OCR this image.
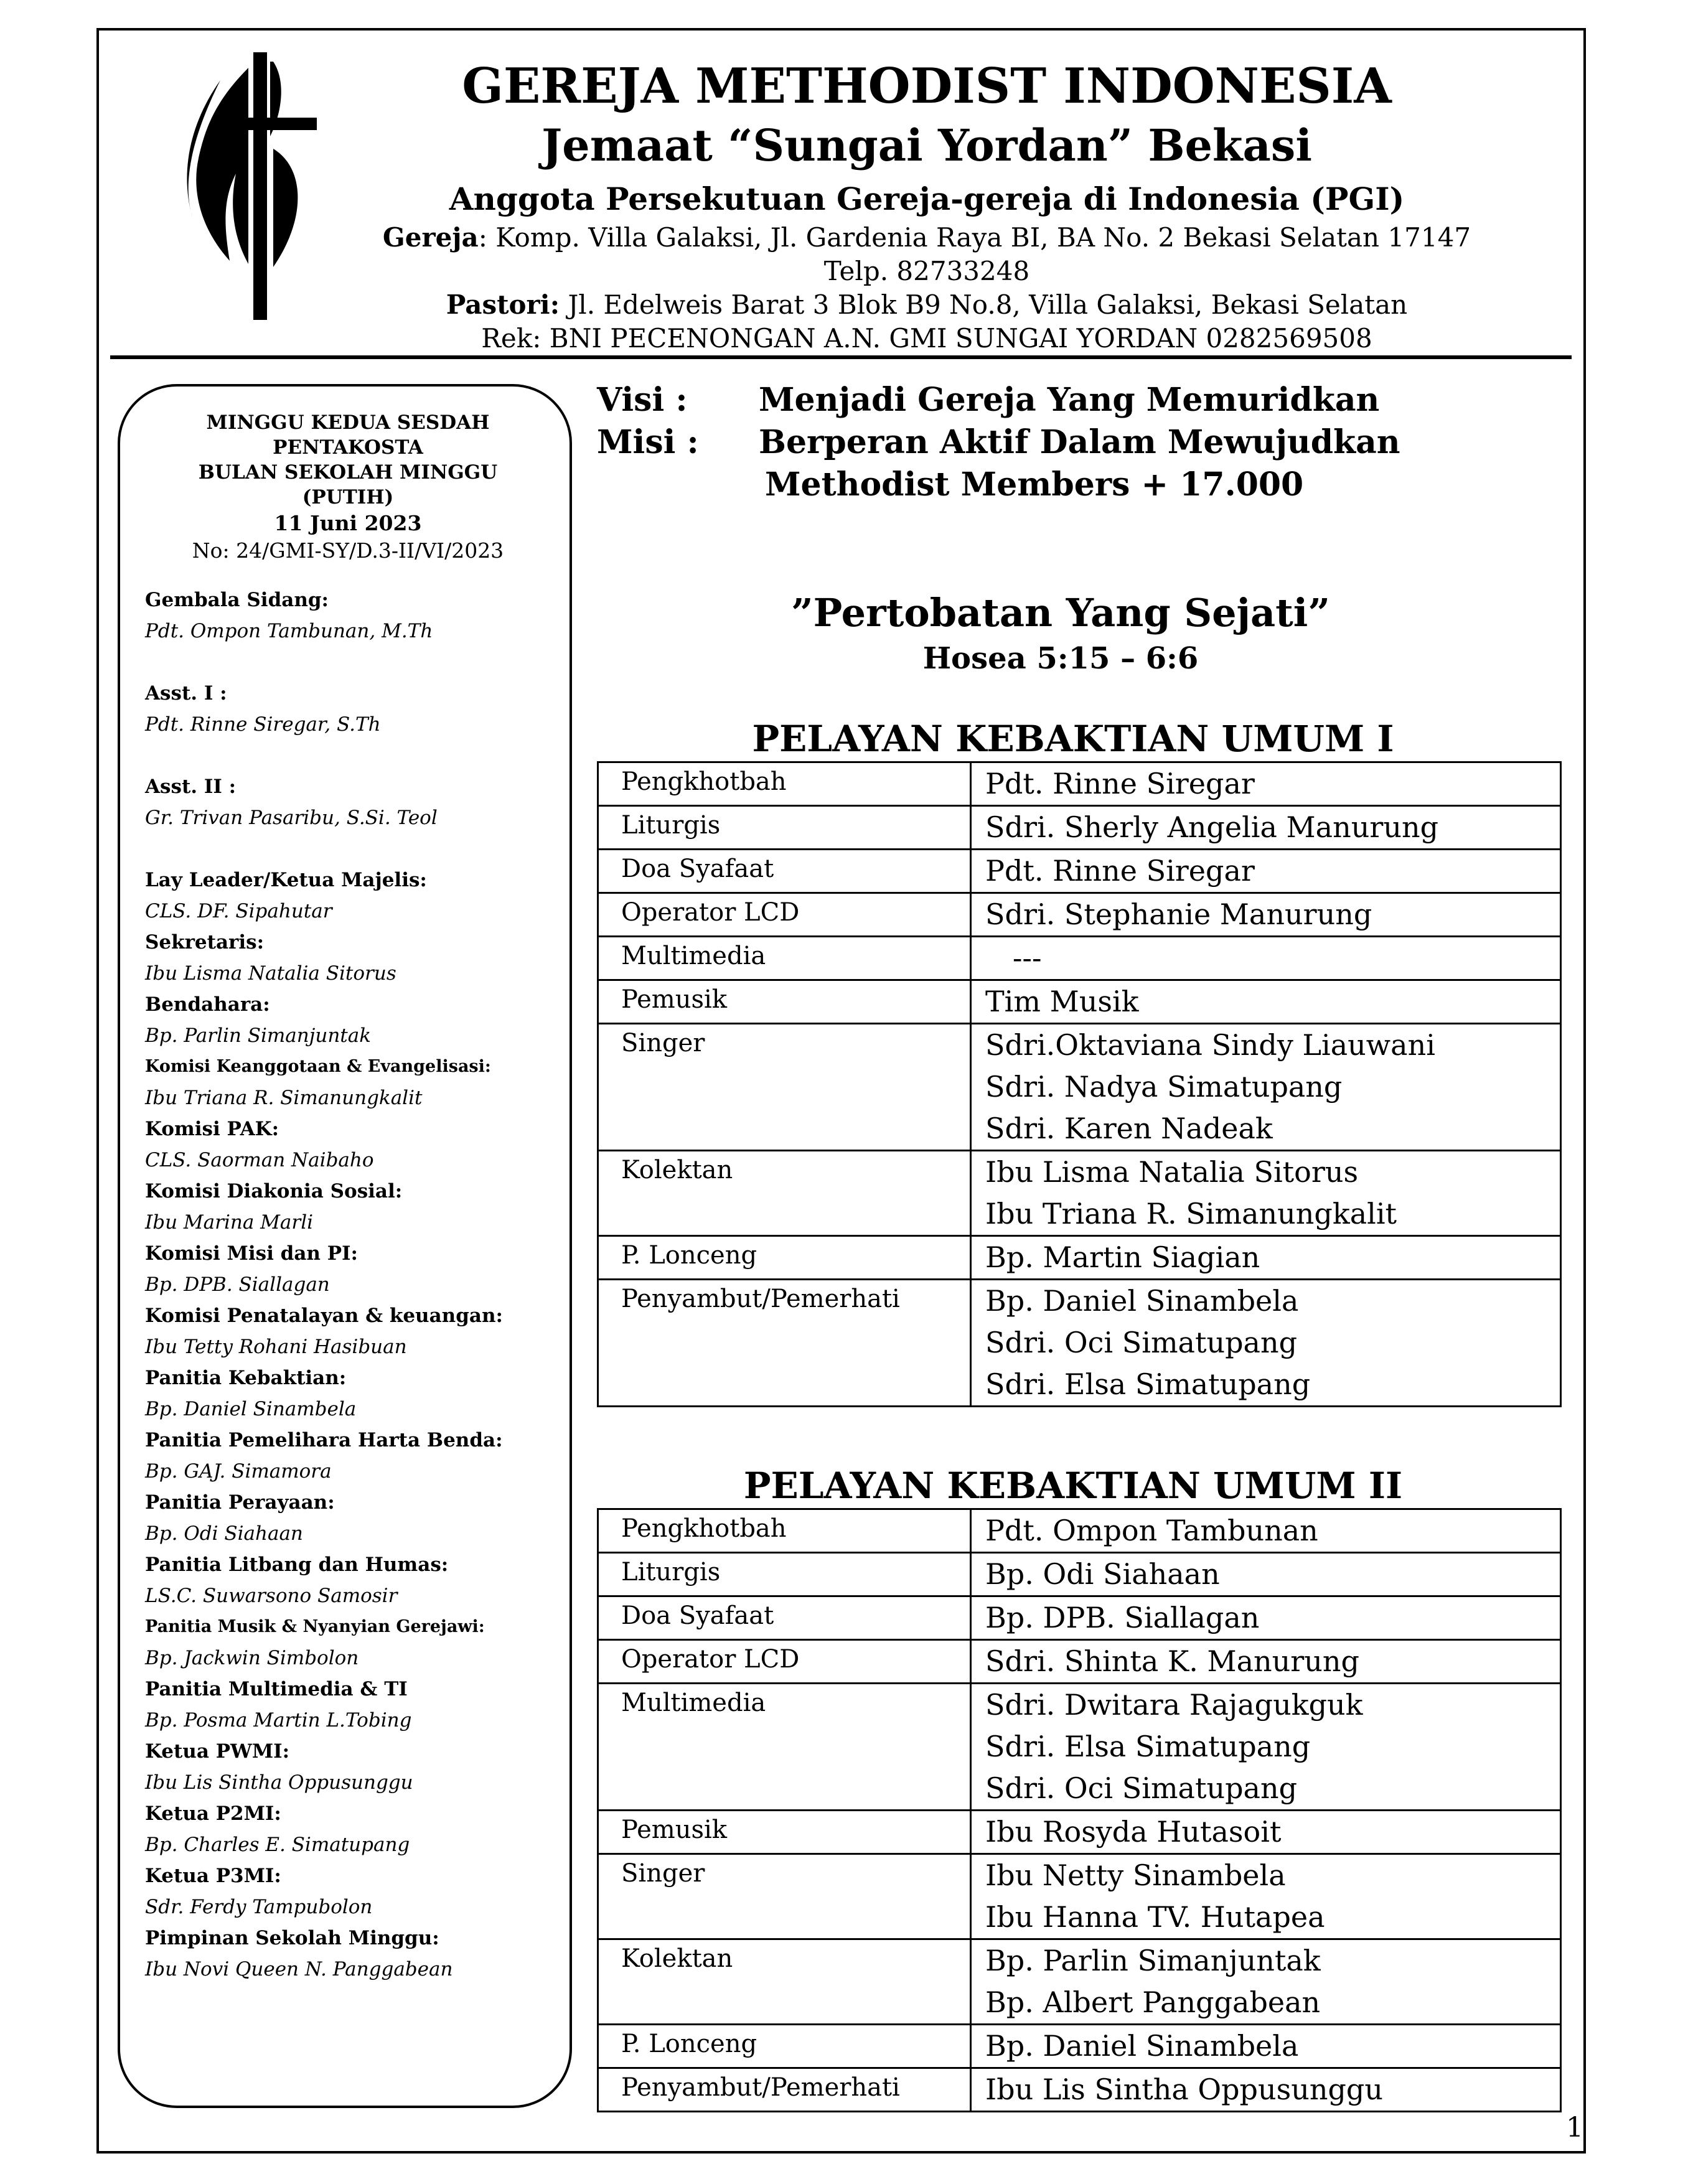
GEREJA METHODIST INDONESIA
Jemaat “Sungai Yordan” Bekasi
Anggota Persekutuan Gereja-gereja di Indonesia (PGI)
Gereja: Komp. Villa Galaksi, Jl. Gardenia Raya BI, BA No. 2 Bekasi Selatan 17147
Telp. 82733248
Pastori: Jl. Edelweis Barat 3 Blok B9 No.8, Villa Galaksi, Bekasi Selatan
Rek: BNI PECENONGAN A.N. GMI SUNGAI YORDAN 0282569508
MINGGU KEDUA SESDAH
PENTAKOSTA
BULAN SEKOLAH MINGGU
(PUTIH)
11 Juni 2023
No: 24/GMI-SY/D.3-II/VI/2023
Gembala Sidang:
Pdt. Ompon Tambunan, M.Th
Asst. I :
Pdt. Rinne Siregar, S.Th
Asst. II :
Gr. Trivan Pasaribu, S.Si. Teol
Lay Leader/Ketua Majelis:
CLS. DF. Sipahutar
Sekretaris:
Ibu Lisma Natalia Sitorus
Bendahara:
Bp. Parlin Simanjuntak
Komisi Keanggotaan & Evangelisasi:
Ibu Triana R. Simanungkalit
Komisi PAK:
CLS. Saorman Naibaho
Komisi Diakonia Sosial:
Ibu Marina Marli
Komisi Misi dan PI:
Bp. DPB. Siallagan
Komisi Penatalayan & keuangan:
Ibu Tetty Rohani Hasibuan
Panitia Kebaktian:
Bp. Daniel Sinambela
Panitia Pemelihara Harta Benda:
Bp. GAJ. Simamora
Panitia Perayaan:
Bp. Odi Siahaan
Panitia Litbang dan Humas:
LS.C. Suwarsono Samosir
Panitia Musik & Nyanyian Gerejawi:
Bp. Jackwin Simbolon
Panitia Multimedia & TI
Bp. Posma Martin L.Tobing
Ketua PWMI:
Ibu Lis Sintha Oppusunggu
Ketua P2MI:
Bp. Charles E. Simatupang
Ketua P3MI:
Sdr. Ferdy Tampubolon
Pimpinan Sekolah Minggu:
Ibu Novi Queen N. Panggabean
Visi :	Menjadi Gereja Yang Memuridkan
Misi :	Berperan Aktif Dalam Mewujudkan
Methodist Members + 17.000
”Pertobatan Yang Sejati”
Hosea 5:15 – 6:6
PELAYAN KEBAKTIAN UMUM I
Pengkhotbah	Pdt. Rinne Siregar

Liturgis	Sdri. Sherly Angelia Manurung

Doa Syafaat	Pdt. Rinne Siregar

Operator LCD	Sdri. Stephanie Manurung

Multimedia	---

Pemusik	Tim Musik

Singer	Sdri.Oktaviana Sindy Liauwani
Sdri. Nadya Simatupang
Sdri. Karen Nadeak

Kolektan	Ibu Lisma Natalia Sitorus
Ibu Triana R. Simanungkalit

P. Lonceng	Bp. Martin Siagian

Penyambut/Pemerhati	Bp. Daniel Sinambela
Sdri. Oci Simatupang
Sdri. Elsa Simatupang
PELAYAN KEBAKTIAN UMUM II
Pengkhotbah	Pdt. Ompon Tambunan

Liturgis	Bp. Odi Siahaan

Doa Syafaat	Bp. DPB. Siallagan

Operator LCD	Sdri. Shinta K. Manurung

Multimedia	Sdri. Dwitara Rajagukguk
Sdri. Elsa Simatupang
Sdri. Oci Simatupang

Pemusik	Ibu Rosyda Hutasoit

Singer	Ibu Netty Sinambela
Ibu Hanna TV. Hutapea

Kolektan	Bp. Parlin Simanjuntak
Bp. Albert Panggabean

P. Lonceng	Bp. Daniel Sinambela

Penyambut/Pemerhati	Ibu Lis Sintha Oppusunggu
1
